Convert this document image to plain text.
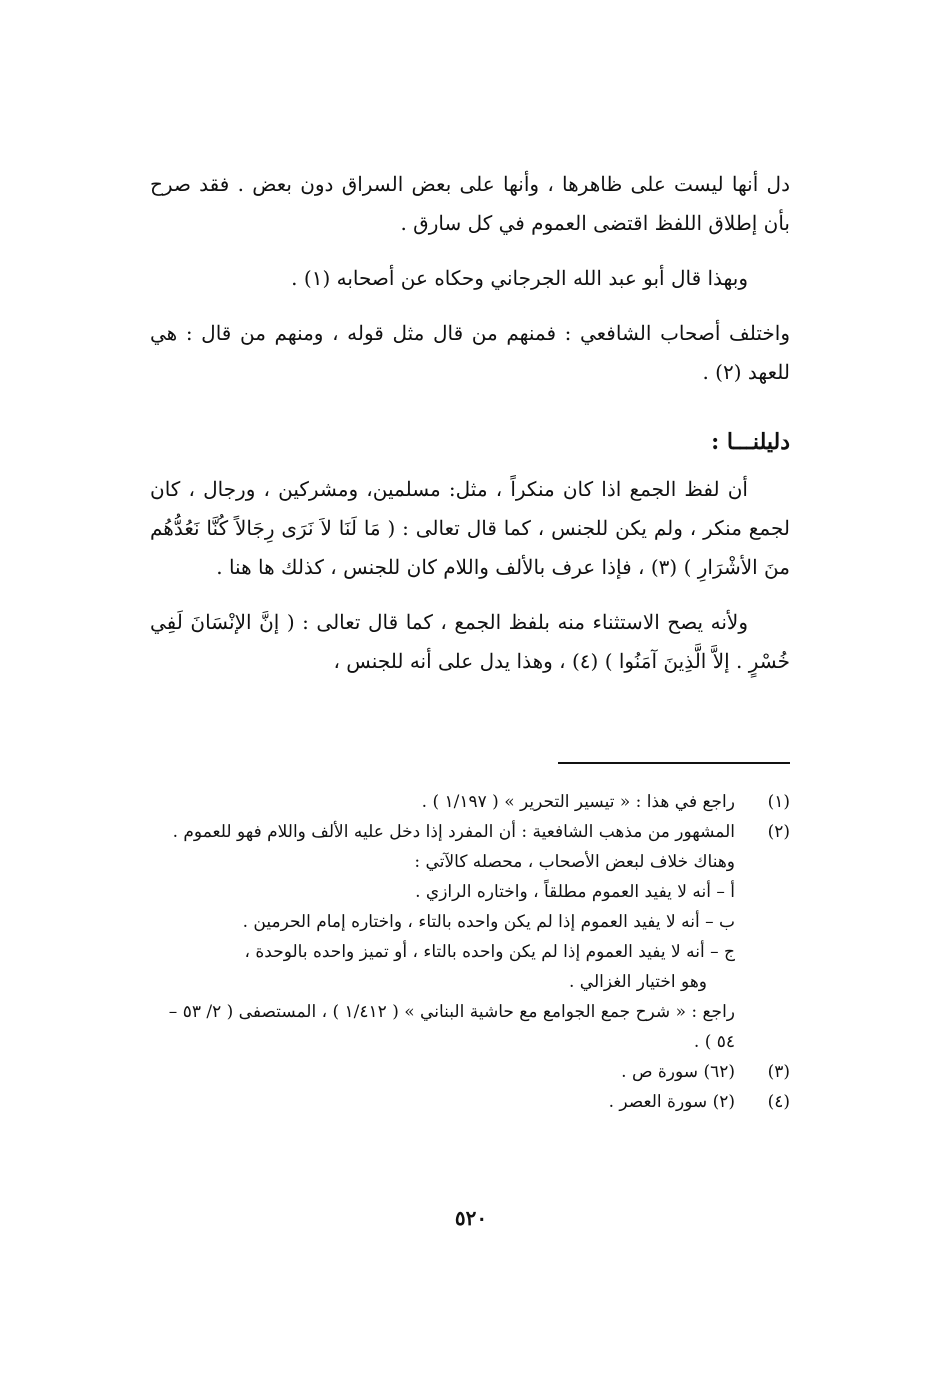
دل أنها ليست على ظاهرها ، وأنها على بعض السراق دون بعض . فقد صرح بأن إطلاق اللفظ اقتضى العموم في كل سارق .

وبهذا قال أبو عبد الله الجرجاني وحكاه عن أصحابه (١) .

واختلف أصحاب الشافعي : فمنهم من قال مثل قوله ، ومنهم من قال : هي للعهد (٢) .

دليلنـــا :

أن لفظ الجمع اذا كان منكراً ، مثل: مسلمين، ومشركين ، ورجال ، كان لجمع منكر ، ولم يكن للجنس ، كما قال تعالى : ( مَا لَنَا لاَ نَرَى رِجَالاً كُنَّا نَعُدُّهُم منَ الأشْرَارِ ) (٣) ، فإذا عرف بالألف واللام كان للجنس ، كذلك ها هنا .

ولأنه يصح الاستثناء منه بلفظ الجمع ، كما قال تعالى : ( إنَّ الإنْسَانَ لَفِي خُسْرٍ . إلاَّ الَّذِينَ آمَنُوا ) (٤) ، وهذا يدل على أنه للجنس ،

(١)
راجع في هذا : « تيسير التحرير » ( ١/١٩٧ ) .
(٢)
المشهور من مذهب الشافعية : أن المفرد إذا دخل عليه الألف واللام فهو للعموم .
وهناك خلاف لبعض الأصحاب ، محصله كالآتي :
أ – أنه لا يفيد العموم مطلقاً ، واختاره الرازي .
ب – أنه لا يفيد العموم إذا لم يكن واحده بالتاء ، واختاره إمام الحرمين .
ج – أنه لا يفيد العموم إذا لم يكن واحده بالتاء ، أو تميز واحده بالوحدة ،
وهو اختيار الغزالي .
راجع : « شرح جمع الجوامع مع حاشية البناني » ( ١/٤١٢ ) ، المستصفى ( ٢/ ٥٣ – ٥٤ ) .
(٣)
(٦٢) سورة ص .
(٤)
(٢) سورة العصر .
٥٢٠
